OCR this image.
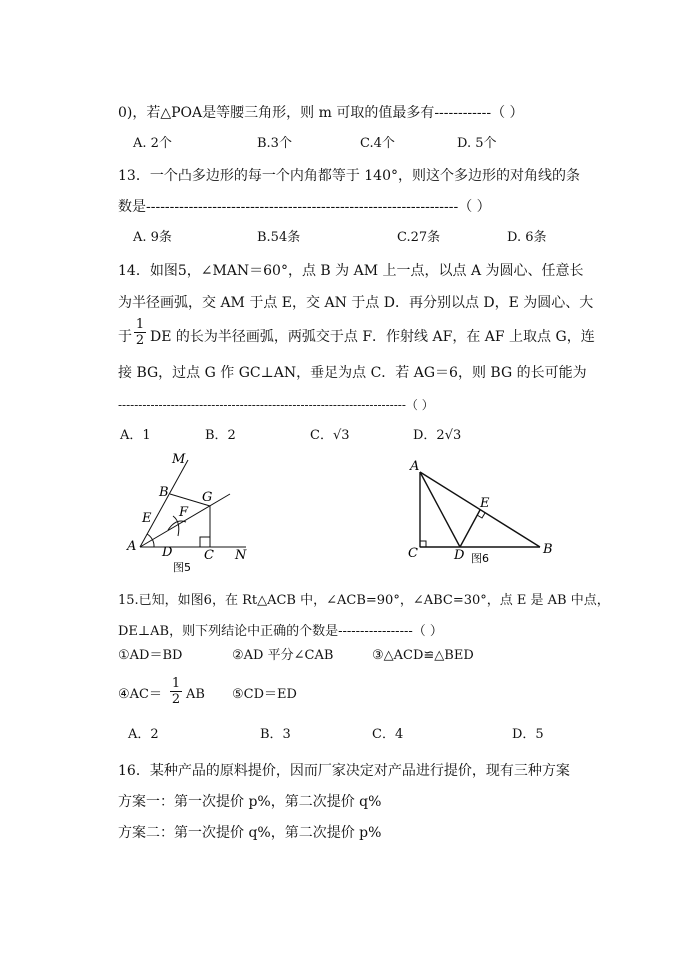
0)，若△POA是等腰三角形，则 m 可取的值最多有------------（ ）
A. 2个	B.3个	C.4个	D. 5个
13．一个凸多边形的每一个内角都等于 140°，则这个多边形的对角线的条
数是------------------------------------------------------------------（ ）
A. 9条	B.54条	C.27条	D. 6条
14．如图5，∠MAN＝60°，点 B 为 AM 上一点，以点 A 为圆心、任意长
为半径画弧，交 AM 于点 E，交 AN 于点 D．再分别以点 D，E 为圆心、大
于
1
2 DE 的长为半径画弧，两弧交于点 F．作射线 AF，在 AF 上取点 G，连
接 BG，过点 G 作 GC⊥AN，垂足为点 C．若 AG＝6，则 BG 的长可能为
-----------------------------------------------------------------------（ ）
A．1	B．2	C．√3	D．2√3
M
B	G
E F
A D C N
图5
A
E
C	D 图6
B
15.已知，如图6，在 Rt△ACB 中，∠ACB=90°，∠ABC=30°，点 E 是 AB 中点，
DE⊥AB，则下列结论中正确的个数是-----------------（ ）
①AD＝BD	②AD 平分∠CAB	③△ACD≌△BED
④AC＝
1
2 AB ⑤CD＝ED
A．2	B．3	C．4	D．5
16．某种产品的原料提价，因而厂家决定对产品进行提价，现有三种方案
方案一：第一次提价 p%，第二次提价 q%
方案二：第一次提价 q%，第二次提价 p%
